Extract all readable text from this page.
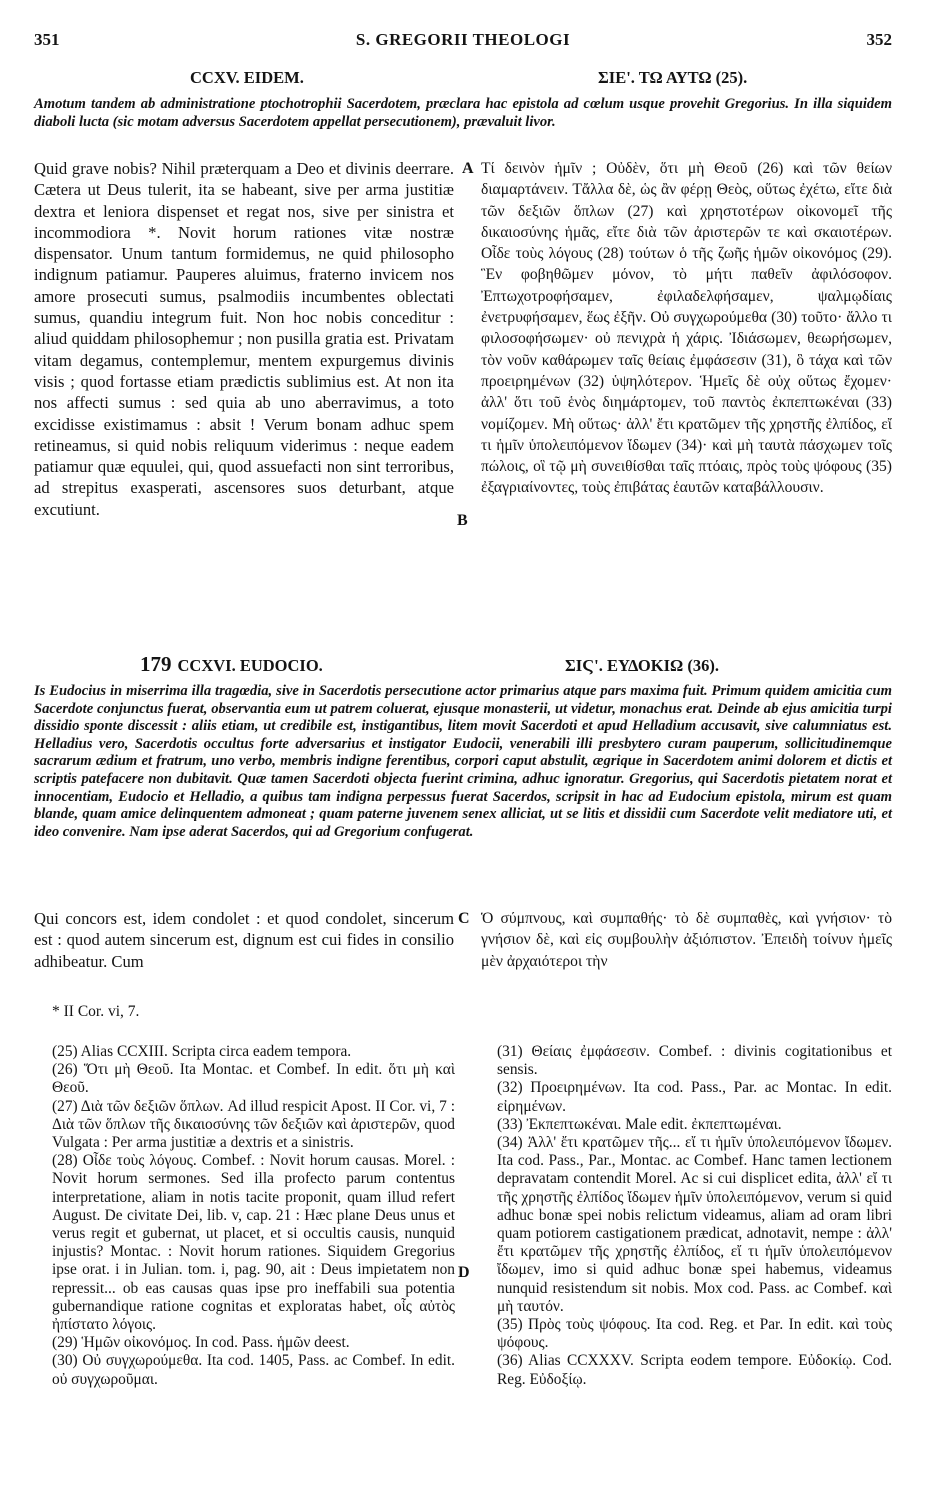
351	S. GREGORII THEOLOGI	352
CCXV. EIDEM.	ΣΙΕ'. ΤΩ ΑΥΤΩ (25).

Amotum tandem ab administratione ptochotrophii Sacerdotem, præclara hac epistola ad cœlum usque provehit Gregorius. In illa siquidem diaboli lucta (sic motam adversus Sacerdotem appellat persecutionem), prævaluit livor.

Quid grave nobis? Nihil præterquam a Deo et divinis deerrare. Cætera ut Deus tulerit, ita se habeant, sive per arma justitiæ dextra et leniora dispenset et regat nos, sive per sinistra et incommodiora *. Novit horum rationes vitæ nostræ dispensator. Unum tantum formidemus, ne quid philosopho indignum patiamur. Pauperes aluimus, fraterno invicem nos amore prosecuti sumus, psalmodiis incumbentes oblectati sumus, quandiu integrum fuit. Non hoc nobis conceditur : aliud quiddam philosophemur ; non pusilla gratia est. Privatam vitam degamus, contemplemur, mentem expurgemus divinis visis ; quod fortasse etiam prædictis sublimius est. At non ita nos affecti sumus : sed quia ab uno aberravimus, a toto excidisse existimamus : absit ! Verum bonam adhuc spem retineamus, si quid nobis reliquum viderimus : neque eadem patiamur quæ equulei, qui, quod assuefacti non sint terroribus, ad strepitus exasperati, ascensores suos deturbant, atque excutiunt.

Τί δεινὸν ἡμῖν ; Οὐδὲν, ὅτι μὴ Θεοῦ (26) καὶ τῶν θείων διαμαρτάνειν. Τἄλλα δὲ, ὡς ἂν φέρῃ Θεὸς, οὕτως ἐχέτω, εἴτε διὰ τῶν δεξιῶν ὅπλων (27) καὶ χρηστοτέρων οἰκονομεῖ τῆς δικαιοσύνης ἡμᾶς, εἴτε διὰ τῶν ἀριστερῶν τε καὶ σκαιοτέρων. Οἶδε τοὺς λόγους (28) τούτων ὁ τῆς ζωῆς ἡμῶν οἰκονόμος (29). Ἓν φοβηθῶμεν μόνον, τὸ μήτι παθεῖν ἀφιλόσοφον. Ἐπτωχοτροφήσαμεν, ἐφιλαδελφήσαμεν, ψαλμῳδίαις ἐνετρυφήσαμεν, ἕως ἐξῆν. Οὐ συγχωρούμεθα (30) τοῦτο· ἄλλο τι φιλοσοφήσωμεν· οὐ πενιχρὰ ἡ χάρις. Ἰδιάσωμεν, θεωρήσωμεν, τὸν νοῦν καθάρωμεν ταῖς θείαις ἐμφάσεσιν (31), ὃ τάχα καὶ τῶν προειρημένων (32) ὑψηλότερον. Ἡμεῖς δὲ οὐχ οὕτως ἔχομεν· ἀλλ' ὅτι τοῦ ἑνὸς διημάρτομεν, τοῦ παντὸς ἐκπεπτωκέναι (33) νομίζομεν. Μὴ οὕτως· ἀλλ' ἔτι κρατῶμεν τῆς χρηστῆς ἐλπίδος, εἴ τι ἡμῖν ὑπολειπόμενον ἴδωμεν (34)· καὶ μὴ ταυτὰ πάσχωμεν τοῖς πώλοις, οἳ τῷ μὴ συνειθίσθαι ταῖς πτόαις, πρὸς τοὺς ψόφους (35) ἐξαγριαίνοντες, τοὺς ἐπιβάτας ἑαυτῶν καταβάλλουσιν.

A
B
179 CCXVI. EUDOCIO.	ΣΙϚ'. ΕΥΔΟΚΙΩ (36).

Is Eudocius in miserrima illa tragœdia, sive in Sacerdotis persecutione actor primarius atque pars maxima fuit. Primum quidem amicitia cum Sacerdote conjunctus fuerat, observantia eum ut patrem coluerat, ejusque monasterii, ut videtur, monachus erat. Deinde ab ejus amicitia turpi dissidio sponte discessit : aliis etiam, ut credibile est, instigantibus, litem movit Sacerdoti et apud Helladium accusavit, sive calumniatus est. Helladius vero, Sacerdotis occultus forte adversarius et instigator Eudocii, venerabili illi presbytero curam pauperum, sollicitudinemque sacrarum ædium et fratrum, uno verbo, membris indigne ferentibus, corpori caput abstulit, ægrique in Sacerdotem animi dolorem et dictis et scriptis patefacere non dubitavit. Quæ tamen Sacerdoti objecta fuerint crimina, adhuc ignoratur. Gregorius, qui Sacerdotis pietatem norat et innocentiam, Eudocio et Helladio, a quibus tam indigna perpessus fuerat Sacerdos, scripsit in hac ad Eudocium epistola, mirum est quam blande, quam amice delinquentem admoneat ; quam paterne juvenem senex alliciat, ut se litis et dissidii cum Sacerdote velit mediatore uti, et ideo convenire. Nam ipse aderat Sacerdos, qui ad Gregorium confugerat.

Qui concors est, idem condolet : et quod condolet, sincerum est : quod autem sincerum est, dignum est cui fides in consilio adhibeatur. Cum

Ὁ σύμπνους, καὶ συμπαθής· τὸ δὲ συμπαθὲς, καὶ γνήσιον· τὸ γνήσιον δὲ, καὶ εἰς συμβουλὴν ἀξιόπιστον. Ἐπειδὴ τοίνυν ἡμεῖς μὲν ἀρχαιότεροι τὴν

C
* II Cor. vi, 7.

(25) Alias CCXIII. Scripta circa eadem tempora.

(26) Ὅτι μὴ Θεοῦ. Ita Montac. et Combef. In edit. ὅτι μὴ καὶ Θεοῦ.

(27) Διὰ τῶν δεξιῶν ὅπλων. Ad illud respicit Apost. II Cor. vi, 7 : Διὰ τῶν ὅπλων τῆς δικαιοσύνης τῶν δεξιῶν καὶ ἀριστερῶν, quod Vulgata : Per arma justitiæ a dextris et a sinistris.

(28) Οἶδε τοὺς λόγους. Combef. : Novit horum causas. Morel. : Novit horum sermones. Sed illa profecto parum contentus interpretatione, aliam in notis tacite proponit, quam illud refert August. De civitate Dei, lib. v, cap. 21 : Hæc plane Deus unus et verus regit et gubernat, ut placet, et si occultis causis, nunquid injustis? Montac. : Novit horum rationes. Siquidem Gregorius ipse orat. i in Julian. tom. i, pag. 90, ait : Deus impietatem non repressit... ob eas causas quas ipse pro ineffabili sua potentia gubernandique ratione cognitas et exploratas habet, οἷς αὐτὸς ἠπίστατο λόγοις.

(29) Ἡμῶν οἰκονόμος. In cod. Pass. ἡμῶν deest.

(30) Οὐ συγχωρούμεθα. Ita cod. 1405, Pass. ac Combef. In edit. οὐ συγχωροῦμαι.

D

(31) Θείαις ἐμφάσεσιν. Combef. : divinis cogitationibus et sensis.

(32) Προειρημένων. Ita cod. Pass., Par. ac Montac. In edit. εἰρημένων.

(33) Ἐκπεπτωκέναι. Male edit. ἐκπεπτωμέναι.

(34) Ἀλλ' ἔτι κρατῶμεν τῆς... εἴ τι ἡμῖν ὑπολειπόμενον ἴδωμεν. Ita cod. Pass., Par., Montac. ac Combef. Hanc tamen lectionem depravatam contendit Morel. Ac si cui displicet edita, ἀλλ' εἴ τι τῆς χρηστῆς ἐλπίδος ἴδωμεν ἡμῖν ὑπολειπόμενον, verum si quid adhuc bonæ spei nobis relictum videamus, aliam ad oram libri quam potiorem castigationem prædicat, adnotavit, nempe : ἀλλ' ἔτι κρατῶμεν τῆς χρηστῆς ἐλπίδος, εἴ τι ἡμῖν ὑπολειπόμενον ἴδωμεν, imo si quid adhuc bonæ spei habemus, videamus nunquid resistendum sit nobis. Mox cod. Pass. ac Combef. καὶ μὴ ταυτόν.

(35) Πρὸς τοὺς ψόφους. Ita cod. Reg. et Par. In edit. καὶ τοὺς ψόφους.

(36) Alias CCXXXV. Scripta eodem tempore. Εὐδοκίῳ. Cod. Reg. Εὐδοξίῳ.
